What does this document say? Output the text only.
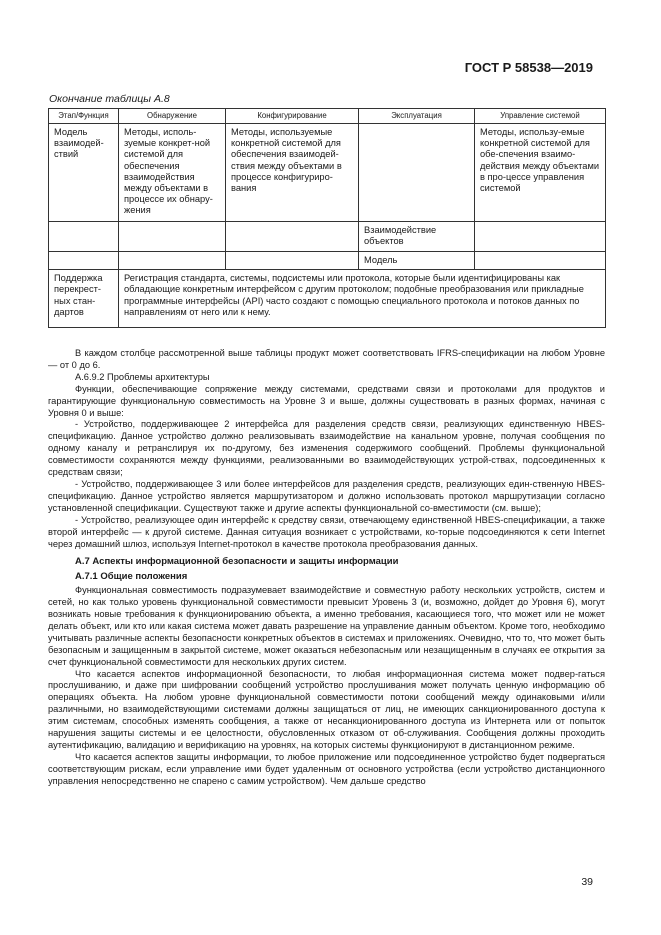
ГОСТ Р 58538—2019
Окончание таблицы А.8
Этап/Функция	Обнаружение	Конфигурирование	Эксплуатация	Управление системой
Модель взаимодей-ствий	Методы, исполь-зуемые конкрет-ной системой для обеспечения взаимодействия между объектами в процессе их обнару-жения	Методы, используемые конкретной системой для обеспечения взаимодей-ствия между объектами в процессе конфигуриро-вания		Методы, использу-емые конкретной системой для обе-спечения взаимо-действия между объектами в про-цессе управления системой
			Взаимодействие объектов	
			Модель	
Поддержка перекрест-ных стан-дартов	Регистрация стандарта, системы, подсистемы или протокола, которые были идентифицированы как обладающие конкретным интерфейсом с другим протоколом; подобные преобразования или прикладные программные интерфейсы (API) часто создают с помощью специального протокола и потоков данных по направлениям от него или к нему.			

В каждом столбце рассмотренной выше таблицы продукт может соответствовать IFRS-спецификации на любом Уровне — от 0 до 6.

А.6.9.2 Проблемы архитектуры

Функции, обеспечивающие сопряжение между системами, средствами связи и протоколами для продуктов и гарантирующие функциональную совместимость на Уровне 3 и выше, должны существовать в разных формах, начиная с Уровня 0 и выше:

- Устройство, поддерживающее 2 интерфейса для разделения средств связи, реализующих единственную HBES-спецификацию. Данное устройство должно реализовывать взаимодействие на канальном уровне, получая сообщения по одному каналу и ретранслируя их по-другому, без изменения содержимого сообщений. Проблемы функциональной совместимости сохраняются между функциями, реализованными во взаимодействующих устрой-ствах, подсоединенных к средствам связи;

- Устройство, поддерживающее 3 или более интерфейсов для разделения средств, реализующих един-ственную HBES-спецификацию. Данное устройство является маршрутизатором и должно использовать протокол маршрутизации согласно установленной спецификации. Существуют также и другие аспекты функциональной со-вместимости (см. выше);

- Устройство, реализующее один интерфейс к средству связи, отвечающему единственной HBES-спецификации, а также второй интерфейс — к другой системе. Данная ситуация возникает с устройствами, ко-торые подсоединяются к сети Internet через домашний шлюз, используя Internet-протокол в качестве протокола преобразования данных.

А.7 Аспекты информационной безопасности и защиты информации
А.7.1 Общие положения

Функциональная совместимость подразумевает взаимодействие и совместную работу нескольких устройств, систем и сетей, но как только уровень функциональной совместимости превысит Уровень 3 (и, возможно, дойдет до Уровня 6), могут возникать новые требования к функционированию объекта, а именно требования, касающиеся того, что может или не может делать объект, или кто или какая система может давать разрешение на управление данным объектом. Кроме того, необходимо учитывать различные аспекты безопасности конкретных объектов в системах и приложениях. Очевидно, что то, что может быть безопасным и защищенным в закрытой системе, может оказаться небезопасным или незащищенным в случаях ее открытия за счет функциональной совместимости для нескольких других систем.

Что касается аспектов информационной безопасности, то любая информационная система может подвер-гаться прослушиванию, и даже при шифровании сообщений устройство прослушивания может получать ценную информацию об операциях объекта. На любом уровне функциональной совместимости потоки сообщений между одинаковыми и/или различными, но взаимодействующими системами должны защищаться от лиц, не имеющих санкционированного доступа к этим системам, способных изменять сообщения, а также от несанкционированного доступа из Интернета или от попыток нарушения защиты системы и ее целостности, обусловленных отказом от об-служивания. Сообщения должны проходить аутентификацию, валидацию и верификацию на уровнях, на которых системы функционируют в дистанционном режиме.

Что касается аспектов защиты информации, то любое приложение или подсоединенное устройство будет подвергаться соответствующим рискам, если управление ими будет удаленным от основного устройства (если устройство дистанционного управления непосредственно не спарено с самим устройством). Чем дальше средство

39
